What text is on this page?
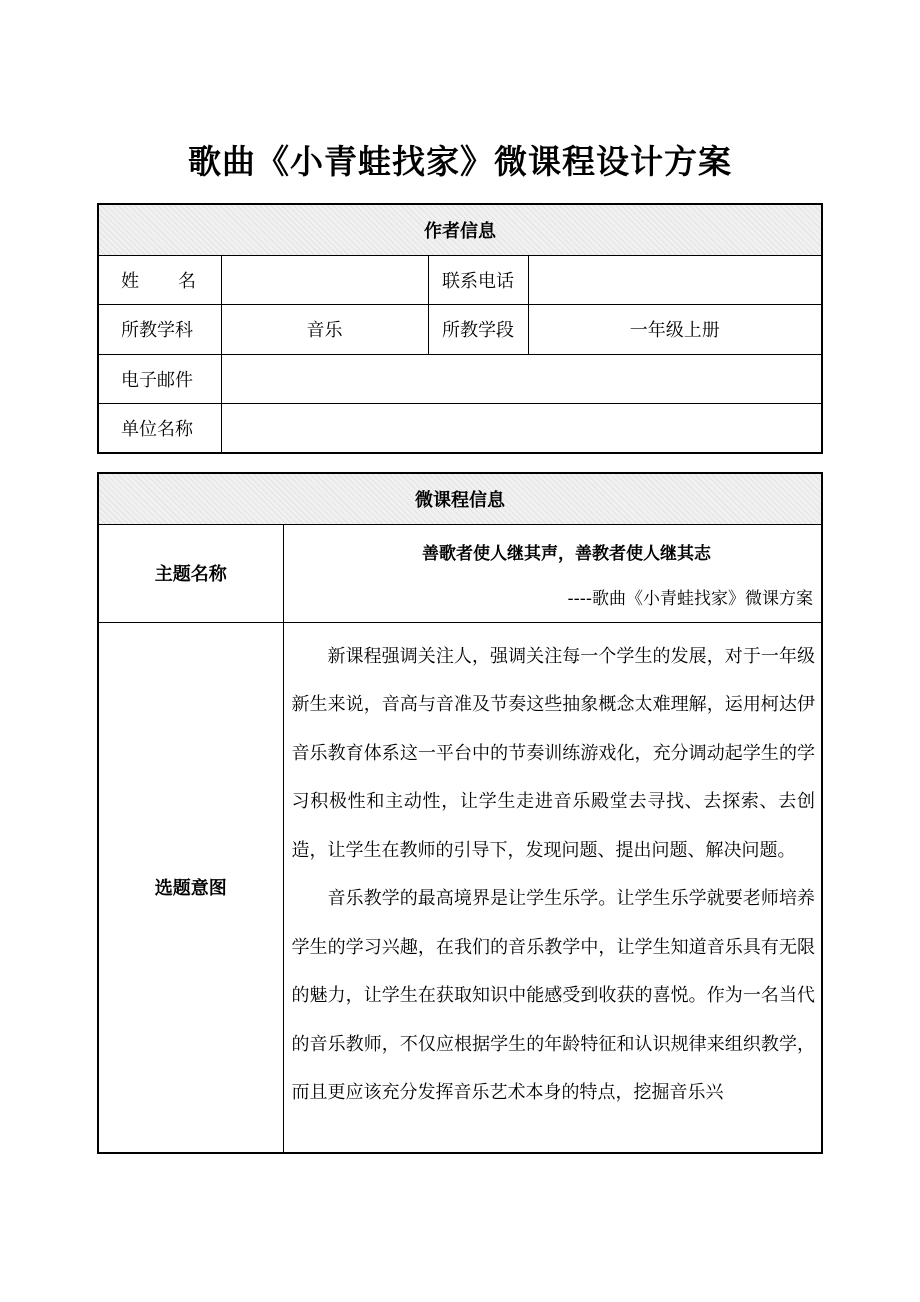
歌曲《小青蛙找家》微课程设计方案
作者信息			
姓　　名		联系电话	
所教学科	音乐	所教学段	一年级上册
电子邮件			
单位名称			
微课程信息	
主题名称	善歌者使人继其声，善教者使人继其志
----歌曲《小青蛙找家》微课方案

选题意图	新课程强调关注人，强调关注每一个学生的发展，对于一年级新生来说，音高与音准及节奏这些抽象概念太难理解，运用柯达伊音乐教育体系这一平台中的节奏训练游戏化，充分调动起学生的学习积极性和主动性，让学生走进音乐殿堂去寻找、去探索、去创造，让学生在教师的引导下，发现问题、提出问题、解决问题。

音乐教学的最高境界是让学生乐学。让学生乐学就要老师培养学生的学习兴趣，在我们的音乐教学中，让学生知道音乐具有无限的魅力，让学生在获取知识中能感受到收获的喜悦。作为一名当代的音乐教师，不仅应根据学生的年龄特征和认识规律来组织教学，而且更应该充分发挥音乐艺术本身的特点，挖掘音乐兴
